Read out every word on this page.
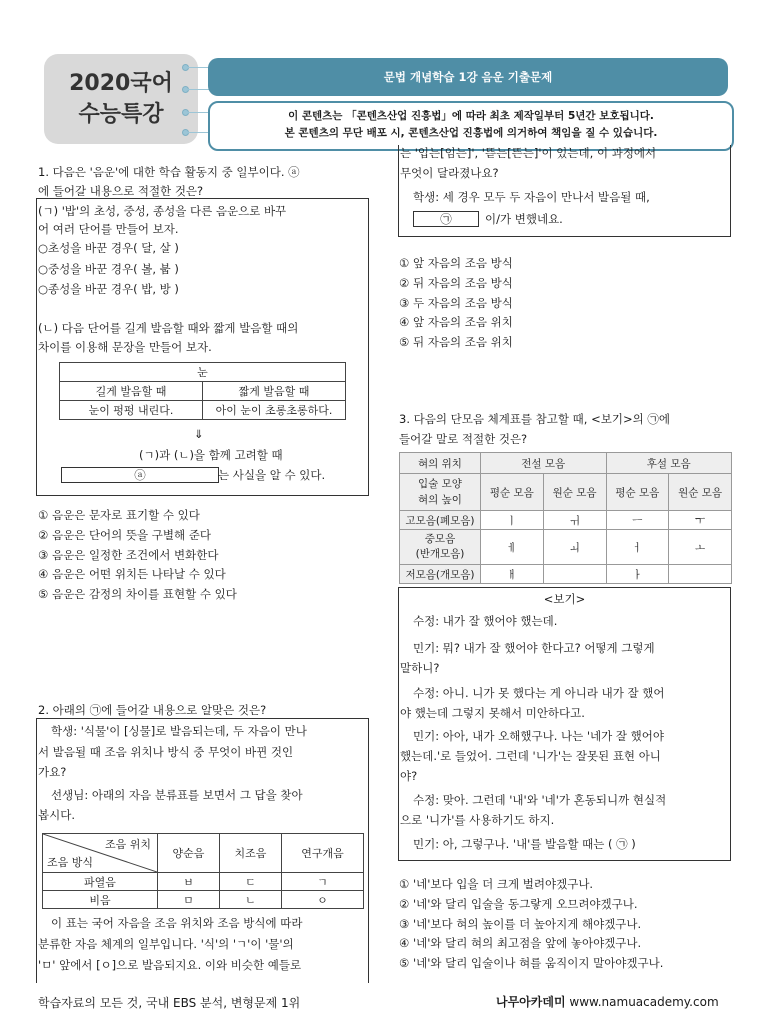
2020국어
수능특강
문법 개념학습 1강 음운 기출문제
이 콘텐츠는 「콘텐츠산업 진흥법」에 따라 최초 제작일부터 5년간 보호됩니다.
본 콘텐츠의 무단 배포 시, 콘텐츠산업 진흥법에 의거하여 책임을 질 수 있습니다.
1. 다음은 '음운'에 대한 학습 활동지 중 일부이다. ⓐ
에 들어갈 내용으로 적절한 것은?
(ㄱ) '밥'의 초성, 중성, 종성을 다른 음운으로 바꾸
어 여러 단어를 만들어 보자.
○초성을 바꾼 경우( 달, 살 )
○중성을 바꾼 경우( 볼, 붑 )
○종성을 바꾼 경우( 밥, 방 )
(ㄴ) 다음 단어를 길게 발음할 때와 짧게 발음할 때의
차이를 이용해 문장을 만들어 보자.
눈	
길게 발음할 때	짧게 발음할 때
눈이 펑펑 내린다.	아이 눈이 초롱초롱하다.
⇓
(ㄱ)과 (ㄴ)을 함께 고려할 때
ⓐ	는 사실을 알 수 있다.
① 음운은 문자로 표기할 수 있다
② 음운은 단어의 뜻을 구별해 준다
③ 음운은 일정한 조건에서 변화한다
④ 음운은 어떤 위치든 나타날 수 있다
⑤ 음운은 감정의 차이를 표현할 수 있다
2. 아래의 ㉠에 들어갈 내용으로 알맞은 것은?
학생: '식물'이 [싱물]로 발음되는데, 두 자음이 만나
서 발음될 때 조음 위치나 방식 중 무엇이 바뀐 것인
가요?
선생님: 아래의 자음 분류표를 보면서 그 답을 찾아
봅시다.
조음 위치
조음 방식	양순음	치조음	연구개음
파열음	ㅂ	ㄷ	ㄱ
비음	ㅁ	ㄴ	ㅇ
이 표는 국어 자음을 조음 위치와 조음 방식에 따라
분류한 자음 체계의 일부입니다. '식'의 'ㄱ'이 '물'의
'ㅁ' 앞에서 [ㅇ]으로 발음되지요. 이와 비슷한 예들로
는 '입는[임는]', '뜯는[뜬는]'이 있는데, 이 과정에서
무엇이 달라졌나요?
학생: 세 경우 모두 두 자음이 만나서 발음될 때,
㉠	이/가 변했네요.
① 앞 자음의 조음 방식
② 뒤 자음의 조음 방식
③ 두 자음의 조음 방식
④ 앞 자음의 조음 위치
⑤ 뒤 자음의 조음 위치
3. 다음의 단모음 체계표를 참고할 때, <보기>의 ㉠에
들어갈 말로 적절한 것은?
혀의 위치	전설 모음		후설 모음	

입술 모양
혀의 높이	평순 모음	원순 모음	평순 모음	원순 모음
고모음(폐모음)	ㅣ	ㅟ	ㅡ	ㅜ

중모음
(반개모음)	ㅔ	ㅚ	ㅓ	ㅗ
저모음(개모음)	ㅐ		ㅏ	
<보기>
수정: 내가 잘 했어야 했는데.
민기: 뭐? 내가 잘 했어야 한다고? 어떻게 그렇게
말하니?
수정: 아니. 니가 못 했다는 게 아니라 내가 잘 했어
야 했는데 그렇지 못해서 미안하다고.
민기: 아아, 내가 오해했구나. 나는 '네가 잘 했어야
했는데.'로 들었어. 그런데 '니가'는 잘못된 표현 아니
야?
수정: 맞아. 그런데 '내'와 '네'가 혼동되니까 현실적
으로 '니가'를 사용하기도 하지.
민기: 아, 그렇구나. '내'를 발음할 때는 ( ㉠ )
① '네'보다 입을 더 크게 벌려야겠구나.
② '네'와 달리 입술을 동그랗게 오므려야겠구나.
③ '네'보다 혀의 높이를 더 높아지게 해야겠구나.
④ '네'와 달리 혀의 최고점을 앞에 놓아야겠구나.
⑤ '네'와 달리 입술이나 혀를 움직이지 말아야겠구나.
학습자료의 모든 것, 국내 EBS 분석, 변형문제 1위	나무아카데미 www.namuacademy.com
